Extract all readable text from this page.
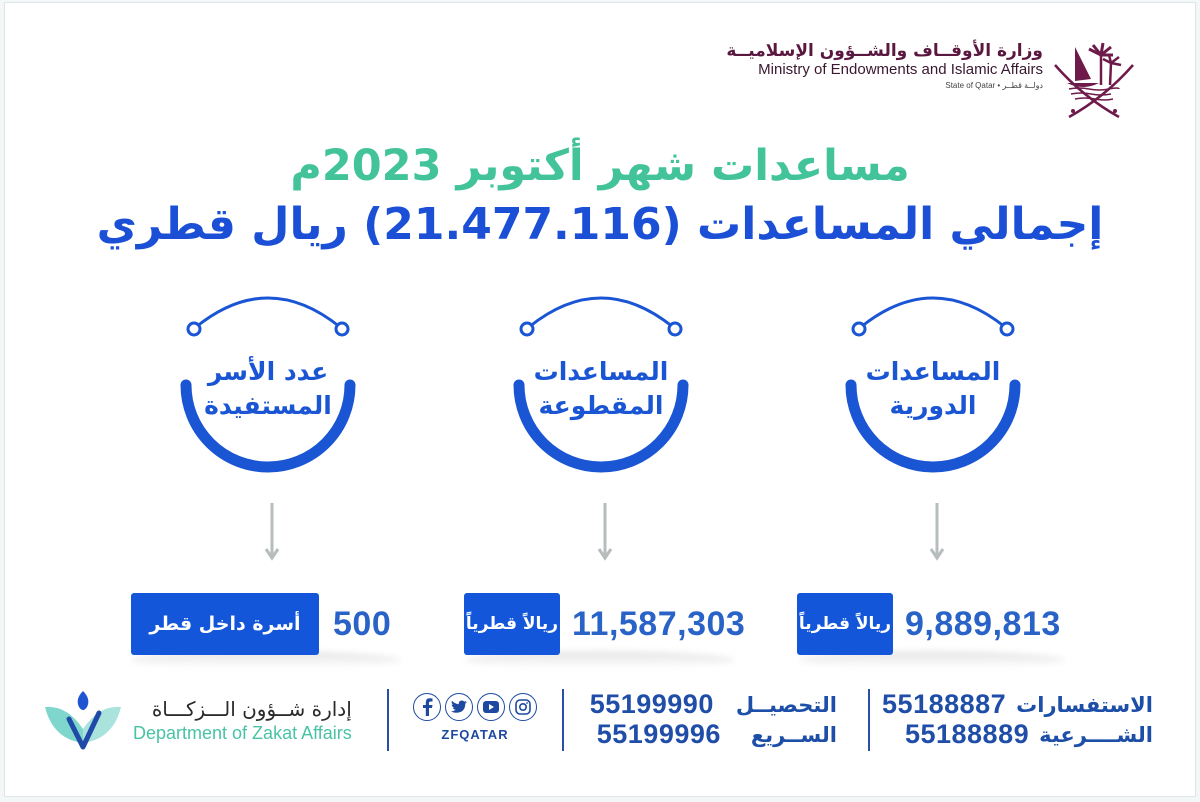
وزارة الأوقــاف والشــؤون الإسلاميــة
Ministry of Endowments and Islamic Affairs
State of Qatar • دولــة قطــر
مساعدات شهر أكتوبر 2023م
إجمالي المساعدات (21.477.116) ريال قطري
المساعدات
الدورية
المساعدات
المقطوعة
عدد الأسر
المستفيدة
ريالاً قطرياً 9,889,813
ريالاً قطرياً 11,587,303
أسرة داخل قطر 500
الاستفسارات
55188887
الشــــرعية
55188889
التحصيــل
55199990
الســريع
55199996
ZFQATAR
إدارة شــؤون الـــزكـــاة
Department of Zakat Affairs
